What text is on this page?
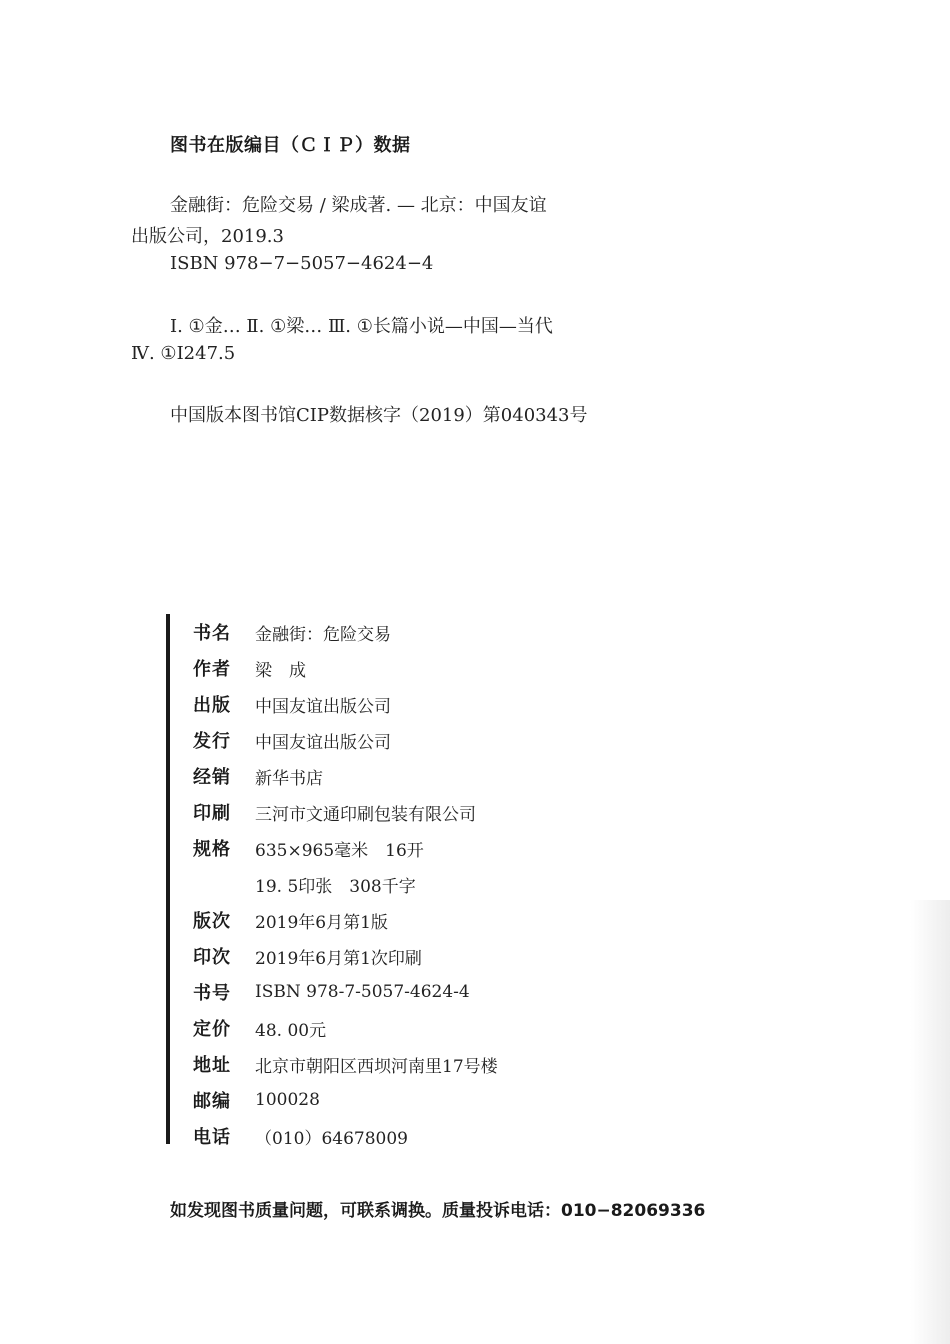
图书在版编目（ＣＩＰ）数据
金融街：危险交易 / 梁成著. — 北京：中国友谊
出版公司，2019.3
ISBN 978−7−5057−4624−4
Ⅰ. ①金… Ⅱ. ①梁… Ⅲ. ①长篇小说—中国—当代
Ⅳ. ①I247.5
中国版本图书馆CIP数据核字（2019）第040343号
书名	金融街：危险交易
作者	梁　成
出版	中国友谊出版公司
发行	中国友谊出版公司
经销	新华书店
印刷	三河市文通印刷包装有限公司
规格	635×965毫米　16开
19. 5印张　308千字
版次	2019年6月第1版
印次	2019年6月第1次印刷
书号	ISBN 978-7-5057-4624-4
定价	48. 00元
地址	北京市朝阳区西坝河南里17号楼
邮编	100028
电话	（010）64678009
如发现图书质量问题，可联系调换。质量投诉电话：010−82069336
